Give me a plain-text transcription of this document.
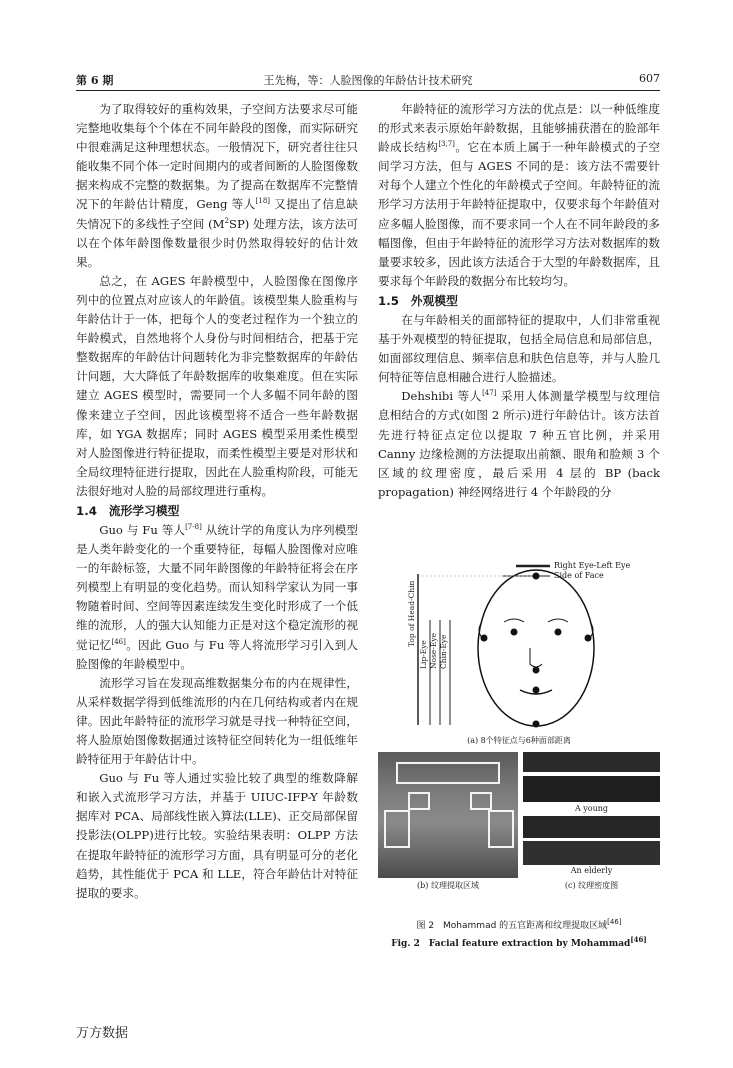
第 6 期	王先梅，等：人脸图像的年龄估计技术研究	607

为了取得较好的重构效果，子空间方法要求尽可能完整地收集每个个体在不同年龄段的图像，而实际研究中很难满足这种理想状态。一般情况下，研究者往往只能收集不同个体一定时间期内的或者间断的人脸图像数据来构成不完整的数据集。为了提高在数据库不完整情况下的年龄估计精度，Geng 等人[18] 又提出了信息缺失情况下的多线性子空间 $(M^2SP)$ 处理方法，该方法可以在个体年龄图像数量很少时仍然取得较好的估计效果。

总之，在 AGES 年龄模型中，人脸图像在图像序列中的位置点对应该人的年龄值。该模型集人脸重构与年龄估计于一体，把每个人的变老过程作为一个独立的年龄模式，自然地将个人身份与时间相结合，把基于完整数据库的年龄估计问题转化为非完整数据库的年龄估计问题，大大降低了年龄数据库的收集难度。但在实际建立 AGES 模型时，需要同一个人多幅不同年龄的图像来建立子空间，因此该模型将不适合一些年龄数据库，如 YGA 数据库；同时 AGES 模型采用柔性模型对人脸图像进行特征提取，而柔性模型主要是对形状和全局纹理特征进行提取，因此在人脸重构阶段，可能无法很好地对人脸的局部纹理进行重构。

1.4　流形学习模型

Guo 与 Fu 等人[7-8] 从统计学的角度认为序列模型是人类年龄变化的一个重要特征，每幅人脸图像对应唯一的年龄标签，大量不同年龄图像的年龄特征将会在序列模型上有明显的变化趋势。而认知科学家认为同一事物随着时间、空间等因素连续发生变化时形成了一个低维的流形，人的强大认知能力正是对这个稳定流形的视觉记忆[46]。因此 Guo 与 Fu 等人将流形学习引入到人脸图像的年龄模型中。

流形学习旨在发现高维数据集分布的内在规律性，从采样数据学得到低维流形的内在几何结构或者内在规律。因此年龄特征的流形学习就是寻找一种特征空间，将人脸原始图像数据通过该特征空间转化为一组低维年龄特征用于年龄估计中。

Guo 与 Fu 等人通过实验比较了典型的维数降解和嵌入式流形学习方法，并基于 UIUC-IFP-Y 年龄数据库对 PCA、局部线性嵌入算法(LLE)、正交局部保留投影法(OLPP)进行比较。实验结果表明：OLPP 方法在提取年龄特征的流形学习方面，具有明显可分的老化趋势，其性能优于 PCA 和 LLE，符合年龄估计对特征提取的要求。

年龄特征的流形学习方法的优点是：以一种低维度的形式来表示原始年龄数据，且能够捕获潜在的脸部年龄成长结构[3,7]。它在本质上属于一种年龄模式的子空间学习方法，但与 AGES 不同的是：该方法不需要针对每个人建立个性化的年龄模式子空间。年龄特征的流形学习方法用于年龄特征提取中，仅要求每个年龄值对应多幅人脸图像，而不要求同一个人在不同年龄段的多幅图像，但由于年龄特征的流形学习方法对数据库的数量要求较多，因此该方法适合于大型的年龄数据库，且要求每个年龄段的数据分布比较均匀。

1.5　外观模型

在与年龄相关的面部特征的提取中，人们非常重视基于外观模型的特征提取，包括全局信息和局部信息，如面部纹理信息、频率信息和肤色信息等，并与人脸几何特征等信息相融合进行人脸描述。

Dehshibi 等人[47] 采用人体测量学模型与纹理信息相结合的方式(如图 2 所示)进行年龄估计。该方法首先进行特征点定位以提取 7 种五官比例，并采用 Canny 边缘检测的方法提取出前额、眼角和脸颊 3 个区域的纹理密度，最后采用 4 层的 BP (back propagation) 神经网络进行 4 个年龄段的分

Right Eye-Left Eye
Side of Face
Top of Head-Chin
Lip-Eye Nose-Eye Chin-Eye
(a) 8个特征点与6种面部距离
A young
An elderly
(b) 纹理提取区域	(c) 纹理密度图
图 2　Mohammad 的五官距离和纹理提取区域[46]
Fig. 2　Facial feature extraction by Mohammad[46]
万方数据
